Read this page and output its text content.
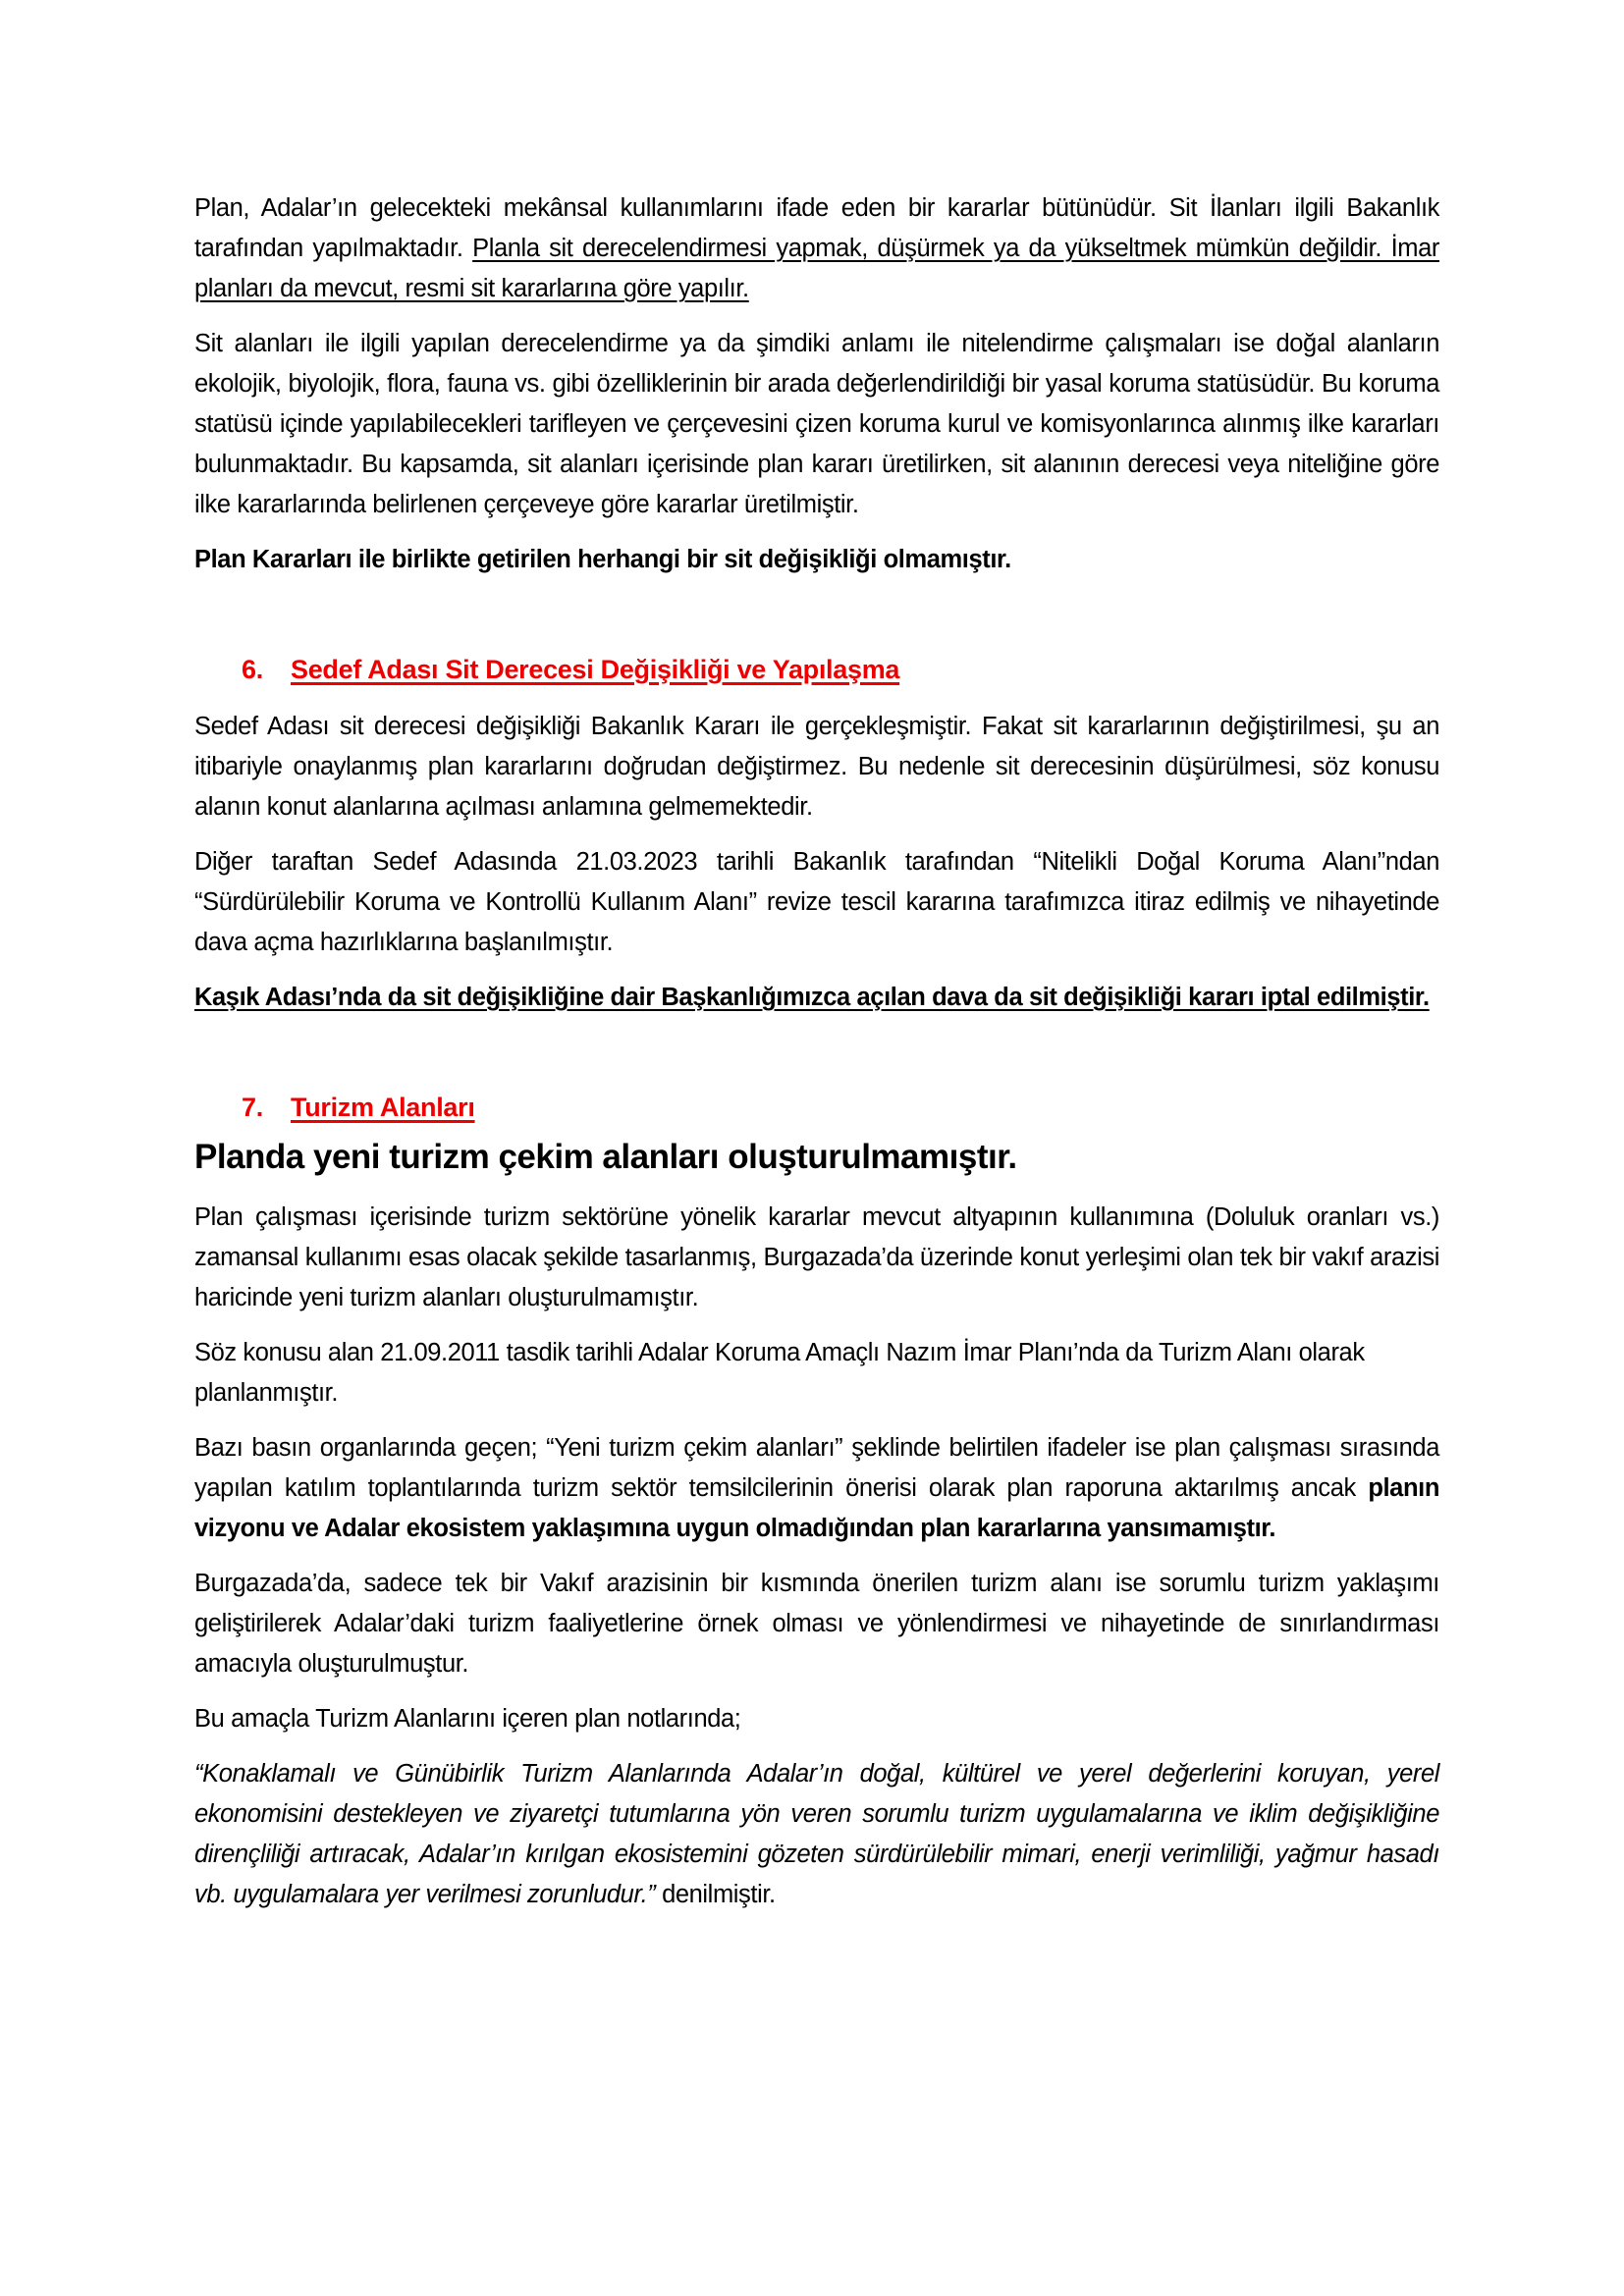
Plan, Adalar’ın gelecekteki mekânsal kullanımlarını ifade eden bir kararlar bütünüdür. Sit İlanları ilgili Bakanlık tarafından yapılmaktadır. Planla sit derecelendirmesi yapmak, düşürmek ya da yükseltmek mümkün değildir. İmar planları da mevcut, resmi sit kararlarına göre yapılır.

Sit alanları ile ilgili yapılan derecelendirme ya da şimdiki anlamı ile nitelendirme çalışmaları ise doğal alanların ekolojik, biyolojik, flora, fauna vs. gibi özelliklerinin bir arada değerlendirildiği bir yasal koruma statüsüdür. Bu koruma statüsü içinde yapılabilecekleri tarifleyen ve çerçevesini çizen koruma kurul ve komisyonlarınca alınmış ilke kararları bulunmaktadır. Bu kapsamda, sit alanları içerisinde plan kararı üretilirken, sit alanının derecesi veya niteliğine göre ilke kararlarında belirlenen çerçeveye göre kararlar üretilmiştir.

Plan Kararları ile birlikte getirilen herhangi bir sit değişikliği olmamıştır.

6.	Sedef Adası Sit Derecesi Değişikliği ve Yapılaşma

Sedef Adası sit derecesi değişikliği Bakanlık Kararı ile gerçekleşmiştir. Fakat sit kararlarının değiştirilmesi, şu an itibariyle onaylanmış plan kararlarını doğrudan değiştirmez. Bu nedenle sit derecesinin düşürülmesi, söz konusu alanın konut alanlarına açılması anlamına gelmemektedir.

Diğer taraftan Sedef Adasında 21.03.2023 tarihli Bakanlık tarafından “Nitelikli Doğal Koruma Alanı”ndan “Sürdürülebilir Koruma ve Kontrollü Kullanım Alanı” revize tescil kararına tarafımızca itiraz edilmiş ve nihayetinde dava açma hazırlıklarına başlanılmıştır.

Kaşık Adası’nda da sit değişikliğine dair Başkanlığımızca açılan dava da sit değişikliği kararı iptal edilmiştir.

7.	Turizm Alanları
Planda yeni turizm çekim alanları oluşturulmamıştır.

Plan çalışması içerisinde turizm sektörüne yönelik kararlar mevcut altyapının kullanımına (Doluluk oranları vs.) zamansal kullanımı esas olacak şekilde tasarlanmış, Burgazada’da üzerinde konut yerleşimi olan tek bir vakıf arazisi haricinde yeni turizm alanları oluşturulmamıştır.

Söz konusu alan 21.09.2011 tasdik tarihli Adalar Koruma Amaçlı Nazım İmar Planı’nda da Turizm Alanı olarak planlanmıştır.

Bazı basın organlarında geçen; “Yeni turizm çekim alanları” şeklinde belirtilen ifadeler ise plan çalışması sırasında yapılan katılım toplantılarında turizm sektör temsilcilerinin önerisi olarak plan raporuna aktarılmış ancak planın vizyonu ve Adalar ekosistem yaklaşımına uygun olmadığından plan kararlarına yansımamıştır.

Burgazada’da, sadece tek bir Vakıf arazisinin bir kısmında önerilen turizm alanı ise sorumlu turizm yaklaşımı geliştirilerek Adalar’daki turizm faaliyetlerine örnek olması ve yönlendirmesi ve nihayetinde de sınırlandırması amacıyla oluşturulmuştur.

Bu amaçla Turizm Alanlarını içeren plan notlarında;

“Konaklamalı ve Günübirlik Turizm Alanlarında Adalar’ın doğal, kültürel ve yerel değerlerini koruyan, yerel ekonomisini destekleyen ve ziyaretçi tutumlarına yön veren sorumlu turizm uygulamalarına ve iklim değişikliğine dirençliliği artıracak, Adalar’ın kırılgan ekosistemini gözeten sürdürülebilir mimari, enerji verimliliği, yağmur hasadı vb. uygulamalara yer verilmesi zorunludur.” denilmiştir.
